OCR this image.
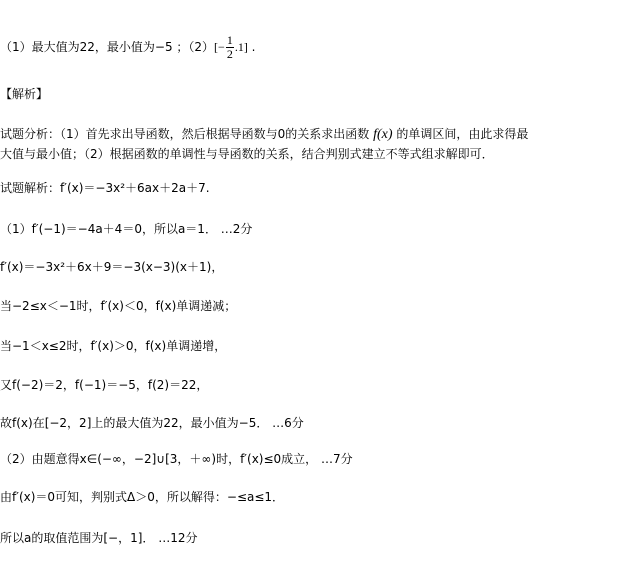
（1）最大值为22，最小值为−5 ；$(2)[- \frac{1}{2} .1]$ .
【解析】
试题分析：（1）首先求出导函数，然后根据导函数与0的关系求出函数 f(x) 的单调区间，由此求得最
大值与最小值；（2）根据函数的单调性与导函数的关系，结合判别式建立不等式组求解即可．
试题解析：f′(x)＝−3x²＋6ax＋2a＋7.
（1）f′(−1)＝−4a＋4＝0，所以a＝1． …2分
f′(x)＝−3x²＋6x＋9＝−3(x−3)(x＋1)，
当−2≤x＜−1时，f′(x)＜0，f(x)单调递减；
当−1＜x≤2时，f′(x)＞0，f(x)单调递增，
又f(−2)＝2，f(−1)＝−5，f(2)＝22，
故f(x)在[−2，2]上的最大值为22，最小值为−5． …6分
（2）由题意得x∈(−∞，−2]∪[3，＋∞)时，f′(x)≤0成立， …7分
由f′(x)＝0可知，判别式Δ＞0，所以解得：−≤a≤1．
所以a的取值范围为[−，1]． …12分
